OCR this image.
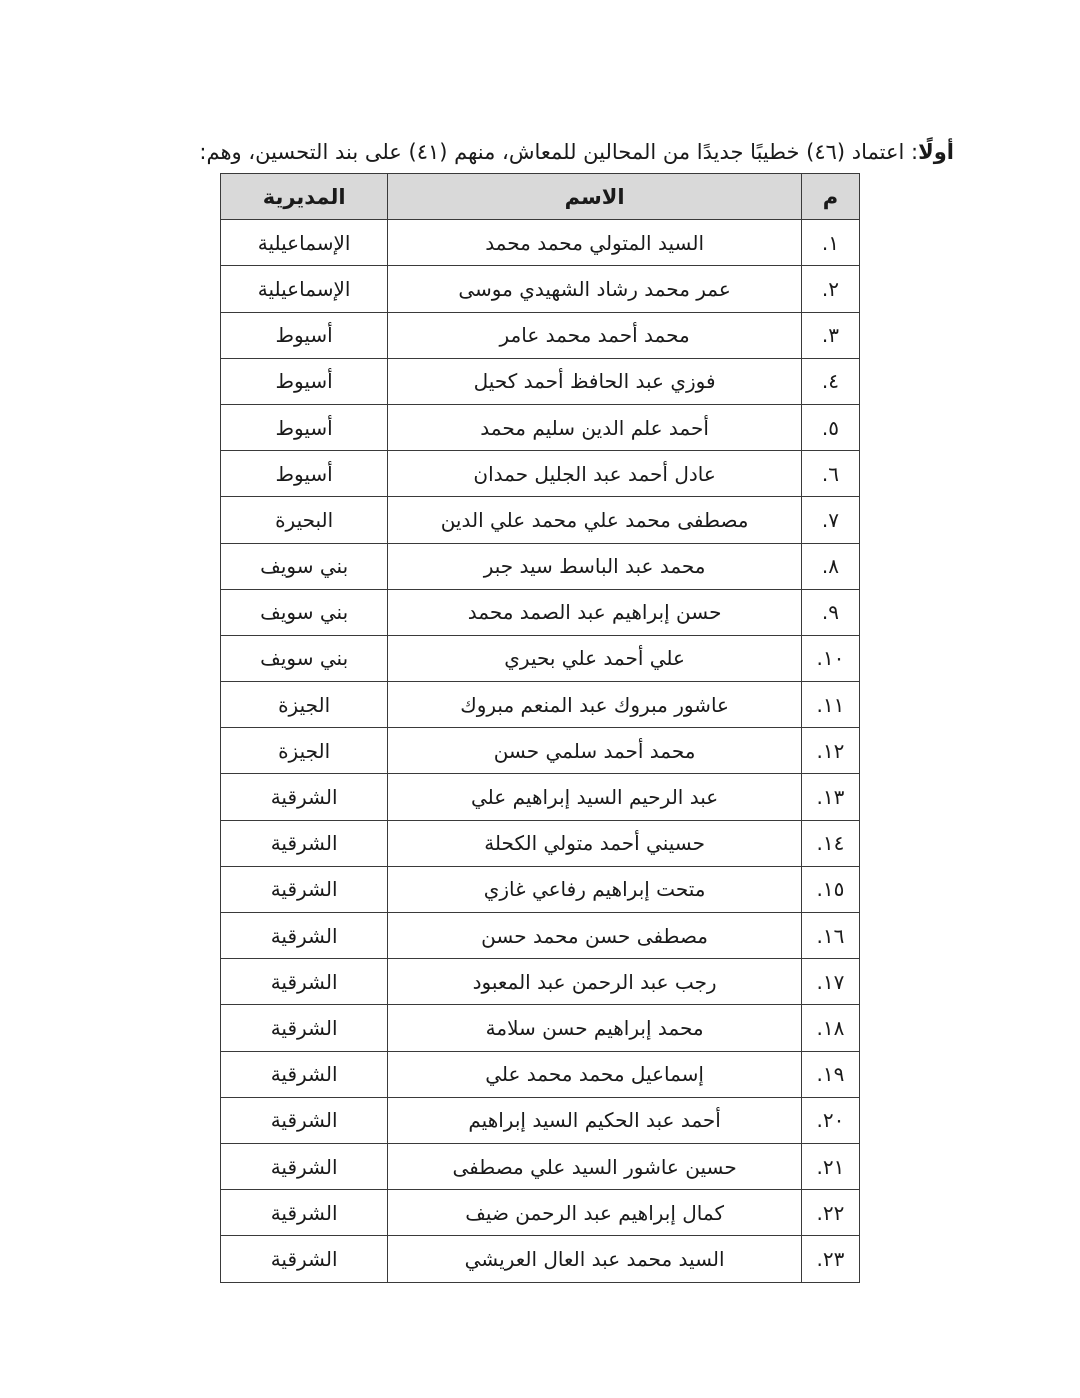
أولًا: اعتماد (٤٦) خطيبًا جديدًا من المحالين للمعاش، منهم (٤١) على بند التحسين، وهم:
م	الاسم	المديرية
١.	السيد المتولي محمد محمد	الإسماعيلية
٢.	عمر محمد رشاد الشهيدي موسى	الإسماعيلية
٣.	محمد أحمد محمد عامر	أسيوط
٤.	فوزي عبد الحافظ أحمد كحيل	أسيوط
٥.	أحمد علم الدين سليم محمد	أسيوط
٦.	عادل أحمد عبد الجليل حمدان	أسيوط
٧.	مصطفى محمد علي محمد علي الدين	البحيرة
٨.	محمد عبد الباسط سيد جبر	بني سويف
٩.	حسن إبراهيم عبد الصمد محمد	بني سويف
١٠.	علي أحمد علي بحيري	بني سويف
١١.	عاشور مبروك عبد المنعم مبروك	الجيزة
١٢.	محمد أحمد سلمي حسن	الجيزة
١٣.	عبد الرحيم السيد إبراهيم علي	الشرقية
١٤.	حسيني أحمد متولي الكحلة	الشرقية
١٥.	متحت إبراهيم رفاعي غازي	الشرقية
١٦.	مصطفى حسن محمد حسن	الشرقية
١٧.	رجب عبد الرحمن عبد المعبود	الشرقية
١٨.	محمد إبراهيم حسن سلامة	الشرقية
١٩.	إسماعيل محمد محمد علي	الشرقية
٢٠.	أحمد عبد الحكيم السيد إبراهيم	الشرقية
٢١.	حسين عاشور السيد علي مصطفى	الشرقية
٢٢.	كمال إبراهيم عبد الرحمن ضيف	الشرقية
٢٣.	السيد محمد عبد العال العريشي	الشرقية
